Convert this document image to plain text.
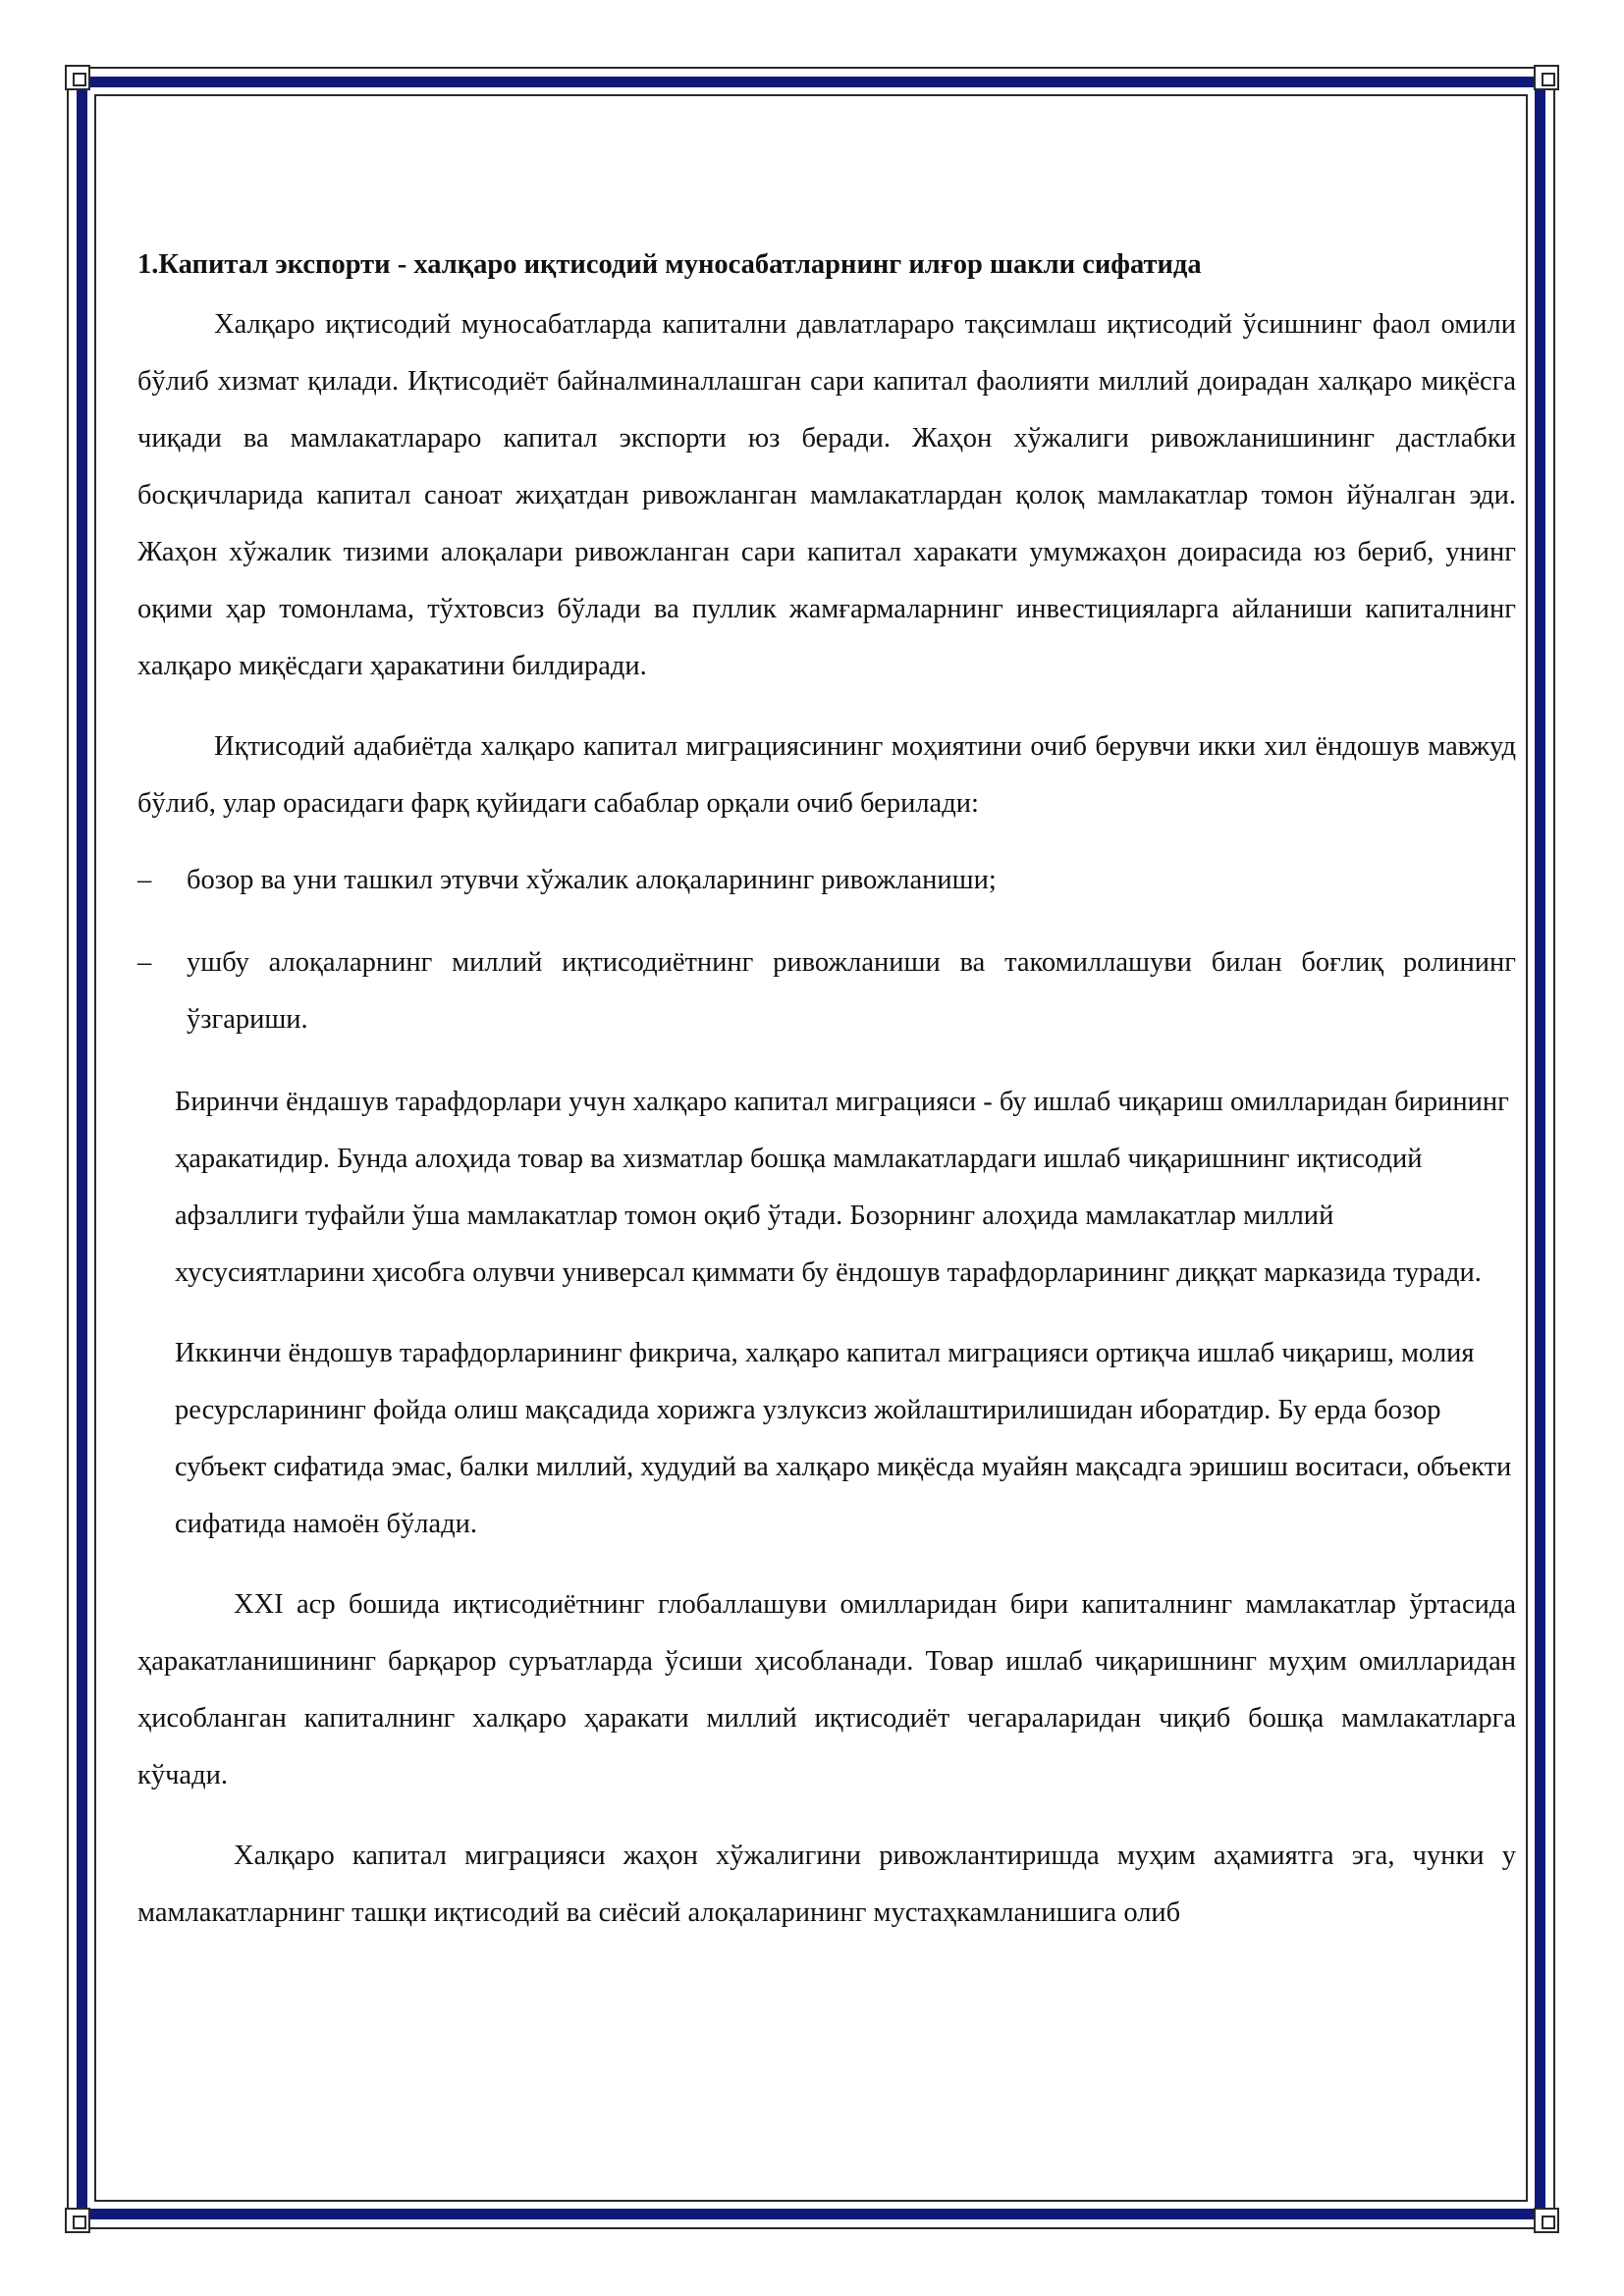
1.Капитал экспорти - халқаро иқтисодий муносабатларнинг илғор шакли сифатида

Халқаро иқтисодий муносабатларда капитални давлатлараро тақсимлаш иқтисодий ўсишнинг фаол омили бўлиб хизмат қилади. Иқтисодиёт байналминаллашган сари капитал фаолияти миллий доирадан халқаро миқёсга чиқади ва мамлакатлараро капитал экспорти юз беради. Жаҳон хўжалиги ривожланишининг дастлабки босқичларида капитал саноат жиҳатдан ривожланган мамлакатлардан қолоқ мамлакатлар томон йўналган эди. Жаҳон хўжалик тизими алоқалари ривожланган сари капитал харакати умумжаҳон доирасида юз бериб, унинг оқими ҳар томонлама, тўхтовсиз бўлади ва пуллик жамғармаларнинг инвестицияларга айланиши капиталнинг халқаро миқёсдаги ҳаракатини билдиради.

Иқтисодий адабиётда халқаро капитал миграциясининг моҳиятини очиб берувчи икки хил ёндошув мавжуд бўлиб, улар орасидаги фарқ қуйидаги сабаблар орқали очиб берилади:

– бозор ва уни ташкил этувчи хўжалик алоқаларининг ривожланиши;
– ушбу алоқаларнинг миллий иқтисодиётнинг ривожланиши ва такомиллашуви билан боғлиқ ролининг ўзгариши.

Биринчи ёндашув тарафдорлари учун халқаро капитал миграцияси - бу ишлаб чиқариш омилларидан бирининг ҳаракатидир. Бунда алоҳида товар ва хизматлар бошқа мамлакатлардаги ишлаб чиқаришнинг иқтисодий афзаллиги туфайли ўша мамлакатлар томон оқиб ўтади. Бозорнинг алоҳида мамлакатлар миллий хусусиятларини ҳисобга олувчи универсал қиммати бу ёндошув тарафдорларининг диққат марказида туради.

Иккинчи ёндошув тарафдорларининг фикрича, халқаро капитал миграцияси ортиқча ишлаб чиқариш, молия ресурсларининг фойда олиш мақсадида хорижга узлуксиз жойлаштирилишидан иборатдир. Бу ерда бозор субъект сифатида эмас, балки миллий, худудий ва халқаро миқёсда муайян мақсадга эришиш воситаси, объекти сифатида намоён бўлади.

XXI аср бошида иқтисодиётнинг глобаллашуви омилларидан бири капиталнинг мамлакатлар ўртасида ҳаракатланишининг барқарор суръатларда ўсиши ҳисобланади. Товар ишлаб чиқаришнинг муҳим омилларидан ҳисобланган капиталнинг халқаро ҳаракати миллий иқтисодиёт чегараларидан чиқиб бошқа мамлакатларга кўчади.

Халқаро капитал миграцияси жаҳон хўжалигини ривожлантиришда муҳим аҳамиятга эга, чунки у мамлакатларнинг ташқи иқтисодий ва сиёсий алоқаларининг мустаҳкамланишига олиб
